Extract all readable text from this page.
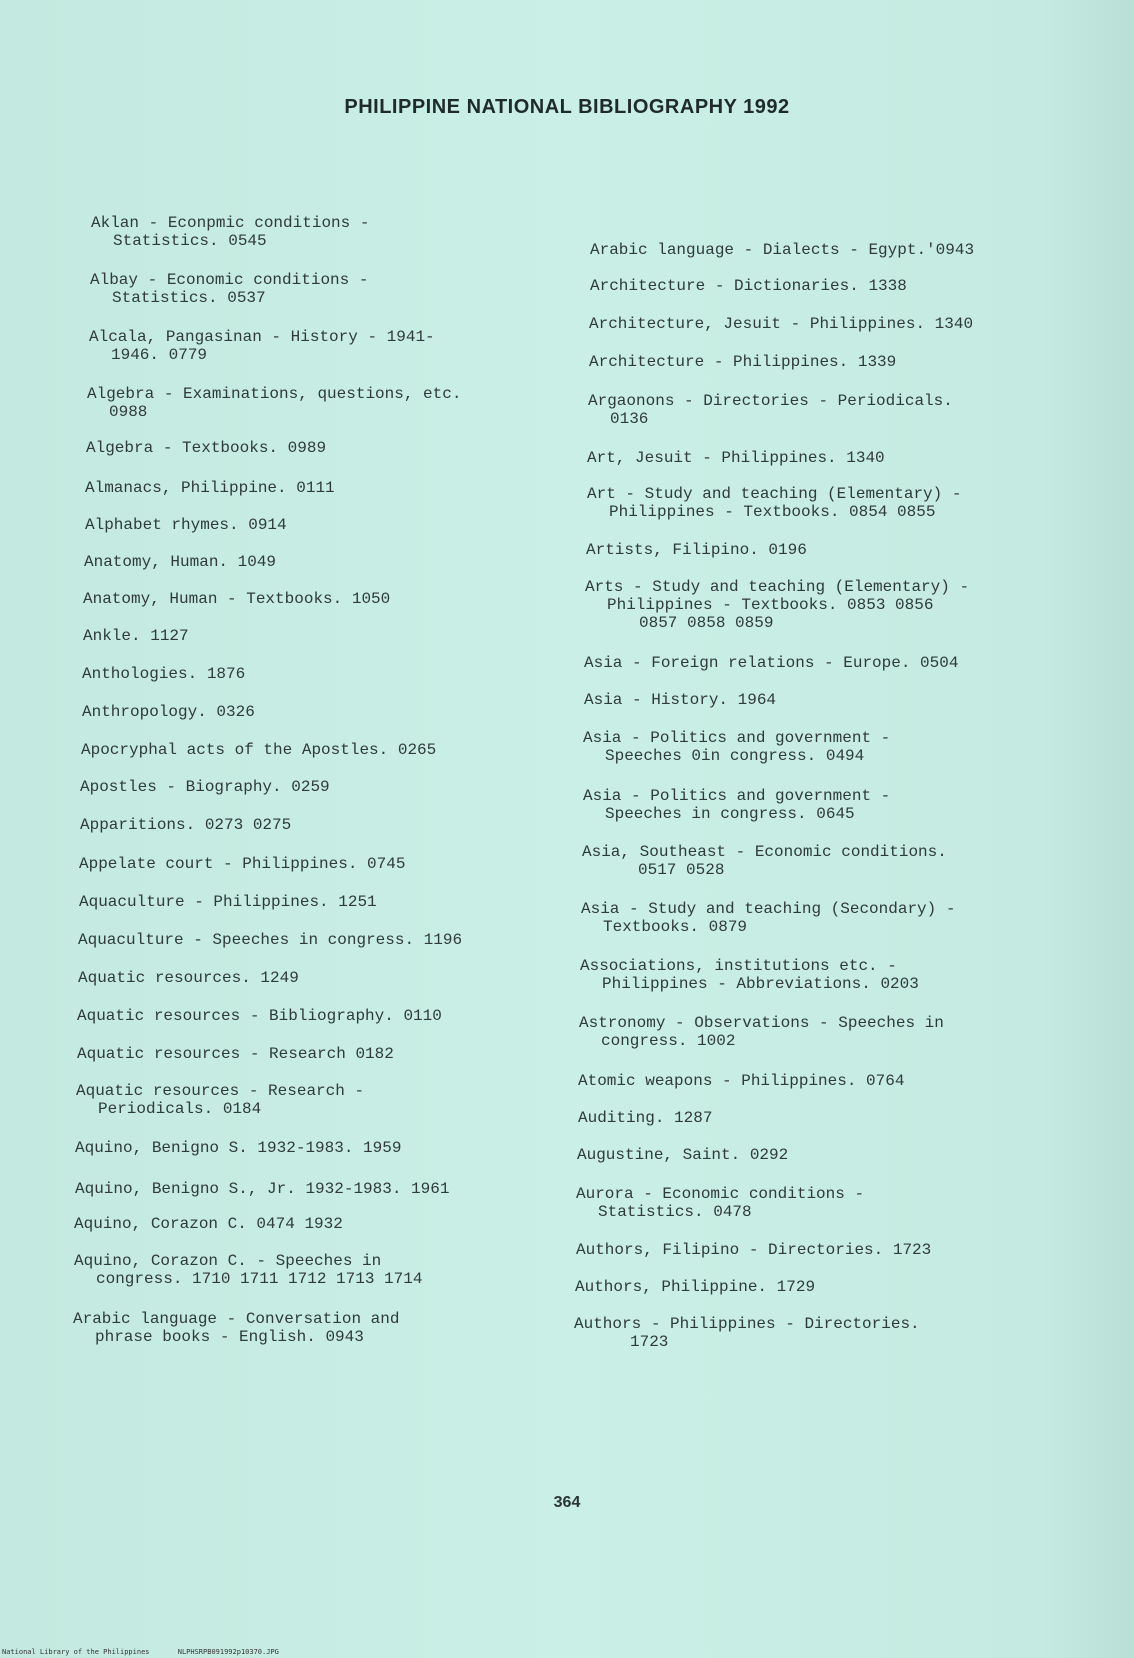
PHILIPPINE NATIONAL BIBLIOGRAPHY 1992
Aklan - Econpmic conditions -
Statistics. 0545
Albay - Economic conditions -
Statistics. 0537
Alcala, Pangasinan - History - 1941-
1946. 0779
Algebra - Examinations, questions, etc.
0988
Algebra - Textbooks. 0989
Almanacs, Philippine. 0111
Alphabet rhymes. 0914
Anatomy, Human. 1049
Anatomy, Human - Textbooks. 1050
Ankle. 1127
Anthologies. 1876
Anthropology. 0326
Apocryphal acts of the Apostles. 0265
Apostles - Biography. 0259
Apparitions. 0273 0275
Appelate court - Philippines. 0745
Aquaculture - Philippines. 1251
Aquaculture - Speeches in congress. 1196
Aquatic resources. 1249
Aquatic resources - Bibliography. 0110
Aquatic resources - Research 0182
Aquatic resources - Research -
Periodicals. 0184
Aquino, Benigno S. 1932-1983. 1959
Aquino, Benigno S., Jr. 1932-1983. 1961
Aquino, Corazon C. 0474 1932
Aquino, Corazon C. - Speeches in
congress. 1710 1711 1712 1713 1714
Arabic language - Conversation and
phrase books - English. 0943
Arabic language - Dialects - Egypt.'0943
Architecture - Dictionaries. 1338
Architecture, Jesuit - Philippines. 1340
Architecture - Philippines. 1339
Argaonons - Directories - Periodicals.
0136
Art, Jesuit - Philippines. 1340
Art - Study and teaching (Elementary) -
Philippines - Textbooks. 0854 0855
Artists, Filipino. 0196
Arts - Study and teaching (Elementary) -
Philippines - Textbooks. 0853 0856
0857 0858 0859
Asia - Foreign relations - Europe. 0504
Asia - History. 1964
Asia - Politics and government -
Speeches 0in congress. 0494
Asia - Politics and government -
Speeches in congress. 0645
Asia, Southeast - Economic conditions.
0517 0528
Asia - Study and teaching (Secondary) -
Textbooks. 0879
Associations, institutions etc. -
Philippines - Abbreviations. 0203
Astronomy - Observations - Speeches in
congress. 1002
Atomic weapons - Philippines. 0764
Auditing. 1287
Augustine, Saint. 0292
Aurora - Economic conditions -
Statistics. 0478
Authors, Filipino - Directories. 1723
Authors, Philippine. 1729
Authors - Philippines - Directories.
1723
364
National Library of the Philippines	NLPHSRPB091992p10370.JPG
